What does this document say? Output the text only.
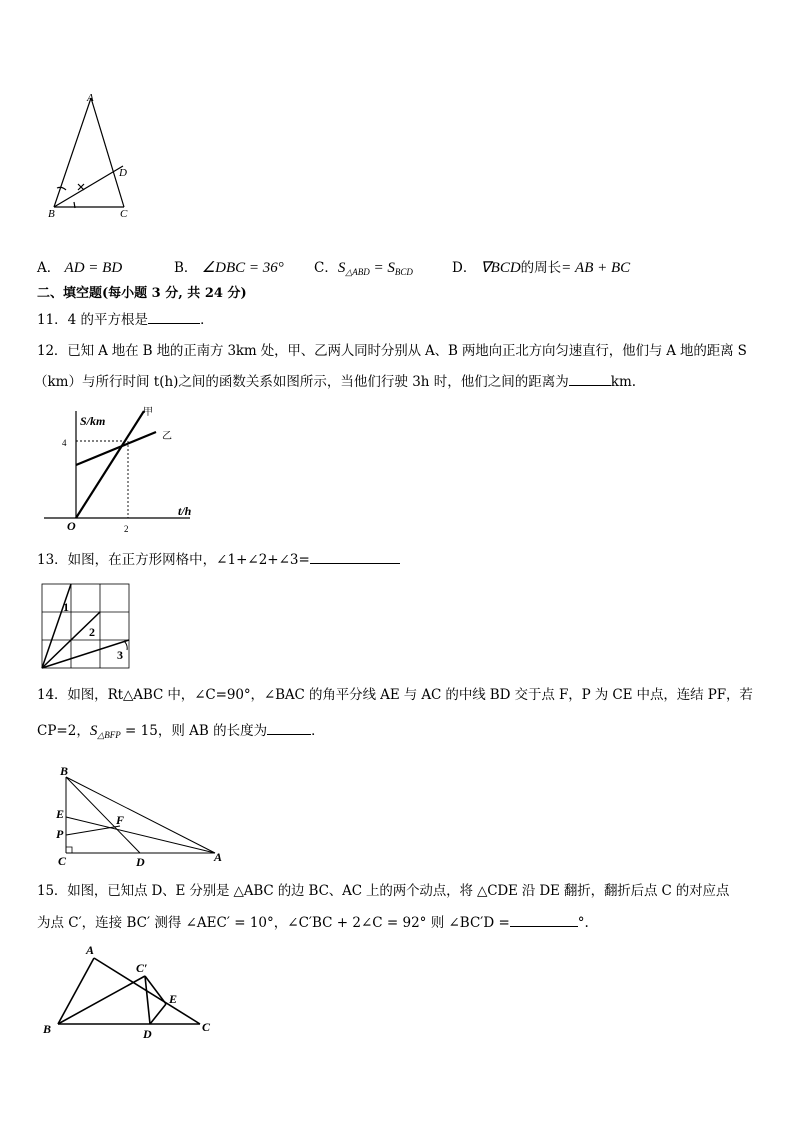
A
B	C
D
A． AD = BD	B． ∠DBC = 36° C．$S_{\triangle ABD} = S_{BCD}$	D． ∇BCD的周长= AB + BC
二、填空题(每小题 3 分, 共 24 分)
11．4 的平方根是	．
12．已知 A 地在 B 地的正南方 3km 处，甲、乙两人同时分别从 A、B 两地向正北方向匀速直行，他们与 A 地的距离 S
（km）与所行时间 t(h)之间的函数关系如图所示，当他们行驶 3h 时，他们之间的距离为	km.
S/km
t/h
O
4
2
甲
乙
13．如图，在正方形网格中，∠1+∠2+∠3=
1
2
3
14．如图，Rt△ABC 中，∠C=90°，∠BAC 的角平分线 AE 与 AC 的中线 BD 交于点 F，P 为 CE 中点，连结 PF，若
CP=2，$S_{\triangle BFP} = 15$，则 AB 的长度为	．
B
E
P
F
C	D	A
15．如图，已知点 D、E 分别是 △ABC 的边 BC、AC 上的两个动点，将 △CDE 沿 DE 翻折，翻折后点 C 的对应点
为点 C′，连接 BC′ 测得 ∠AEC′ = 10°，∠C′BC + 2∠C = 92° 则 ∠BC′D =	°.
A
C′
E
B	D	C
